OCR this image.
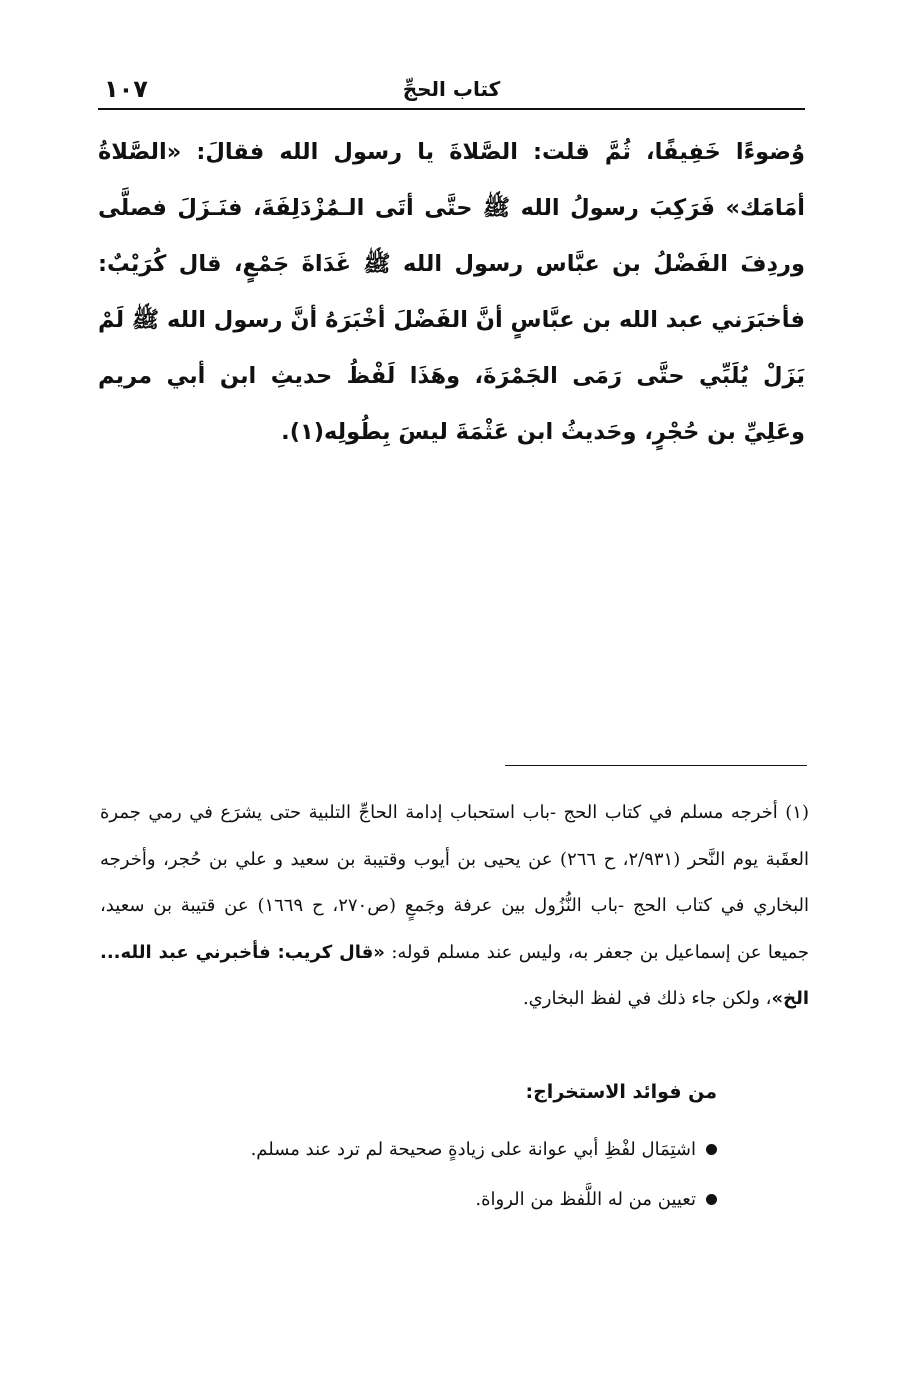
كتاب الحجِّ
١٠٧

وُضوءًا خَفِيفًا، ثُمَّ قلت: الصَّلاةَ يا رسول الله فقالَ: «الصَّلاةُ أمَامَك» فَرَكِبَ رسولُ الله ﷺ حتَّى أتَى الـمُزْدَلِفَةَ، فنَـزَلَ فصلَّى وردِفَ الفَضْلُ بن عبَّاس رسول الله ﷺ غَدَاةَ جَمْعٍ، قال كُرَيْبٌ: فأخبَرَني عبد الله بن عبَّاسٍ أنَّ الفَضْلَ أخْبَرَهُ أنَّ رسول الله ﷺ لَمْ يَزَلْ يُلَبِّي حتَّى رَمَى الجَمْرَةَ، وهَذَا لَفْظُ حديثِ ابن أبي مريم وعَلِيِّ بن حُجْرٍ، وحَديثُ ابن عَثْمَةَ ليسَ بِطُولِه(١).

(١) أخرجه مسلم في كتاب الحج -باب استحباب إدامة الحاجِّ التلبية حتى يشرَع في رمي جمرة العقَبة يوم النَّحر (٢/٩٣١، ح ٢٦٦) عن يحيى بن أيوب وقتيبة بن سعيد و علي بن حُجر، وأخرجه البخاري في كتاب الحج -باب النُّزُول بين عرفة وجَمعٍ (ص٢٧٠، ح ١٦٦٩) عن قتيبة بن سعيد، جميعا عن إسماعيل بن جعفر به، وليس عند مسلم قوله: «قال كريب: فأخبرني عبد الله... الخ»، ولكن جاء ذلك في لفظ البخاري.

من فوائد الاستخراج:
اشتِمَال لفْظِ أبي عوانة على زيادةٍ صحيحة لم ترد عند مسلم.
تعيين من له اللَّفظ من الرواة.
